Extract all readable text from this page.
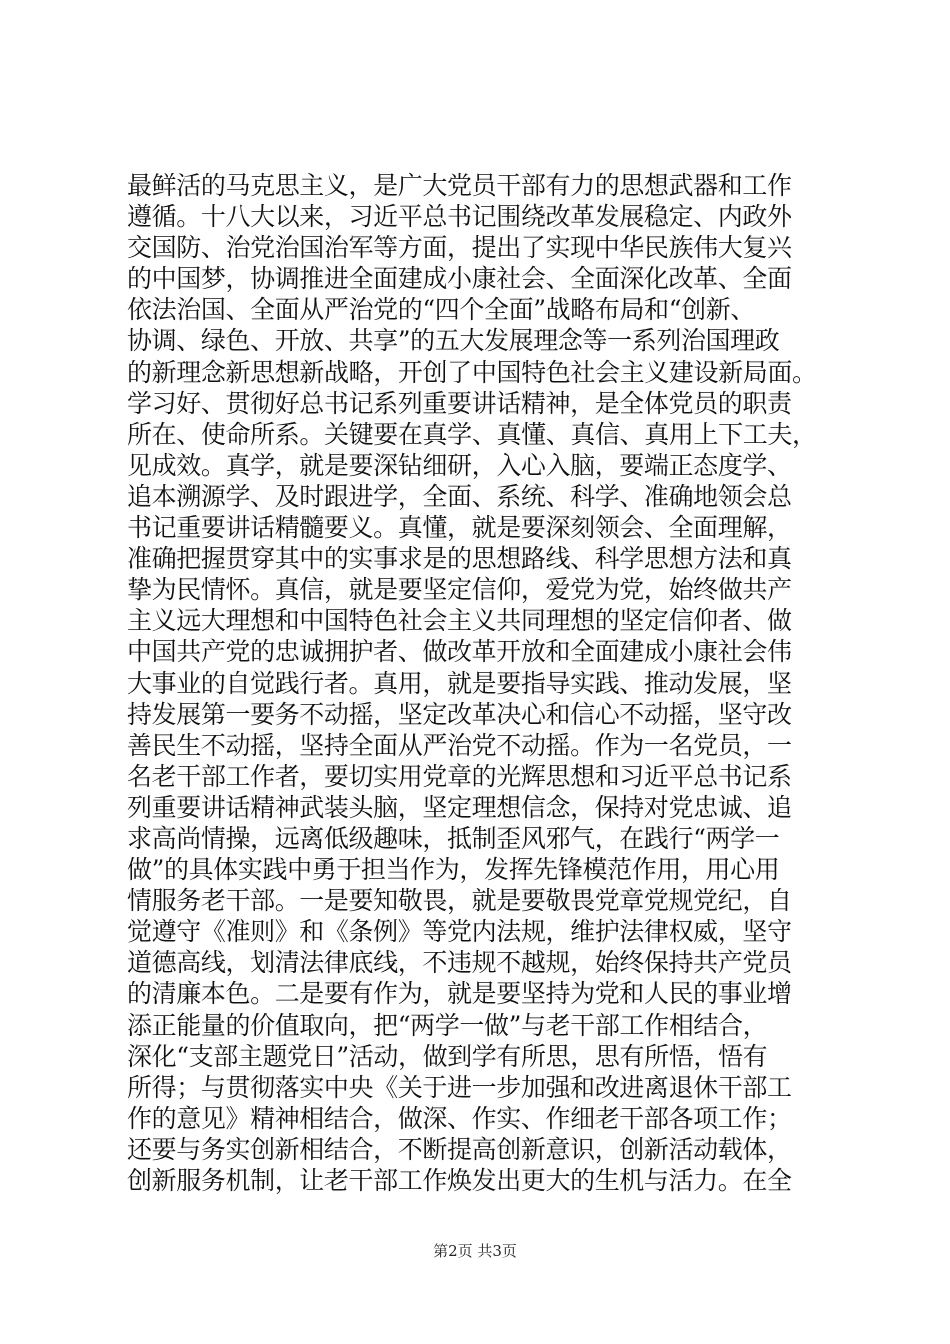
最鲜活的马克思主义，是广大党员干部有力的思想武器和工作
遵循。十八大以来，习近平总书记围绕改革发展稳定、内政外
交国防、治党治国治军等方面，提出了实现中华民族伟大复兴
的中国梦，协调推进全面建成小康社会、全面深化改革、全面
依法治国、全面从严治党的“四个全面”战略布局和“创新、
协调、绿色、开放、共享”的五大发展理念等一系列治国理政
的新理念新思想新战略，开创了中国特色社会主义建设新局面。
学习好、贯彻好总书记系列重要讲话精神，是全体党员的职责
所在、使命所系。关键要在真学、真懂、真信、真用上下工夫，
见成效。真学，就是要深钻细研，入心入脑，要端正态度学、
追本溯源学、及时跟进学，全面、系统、科学、准确地领会总
书记重要讲话精髓要义。真懂，就是要深刻领会、全面理解，
准确把握贯穿其中的实事求是的思想路线、科学思想方法和真
挚为民情怀。真信，就是要坚定信仰，爱党为党，始终做共产
主义远大理想和中国特色社会主义共同理想的坚定信仰者、做
中国共产党的忠诚拥护者、做改革开放和全面建成小康社会伟
大事业的自觉践行者。真用，就是要指导实践、推动发展，坚
持发展第一要务不动摇，坚定改革决心和信心不动摇，坚守改
善民生不动摇，坚持全面从严治党不动摇。作为一名党员，一
名老干部工作者，要切实用党章的光辉思想和习近平总书记系
列重要讲话精神武装头脑，坚定理想信念，保持对党忠诚、追
求高尚情操，远离低级趣味，抵制歪风邪气，在践行“两学一
做”的具体实践中勇于担当作为，发挥先锋模范作用，用心用
情服务老干部。一是要知敬畏，就是要敬畏党章党规党纪，自
觉遵守《准则》和《条例》等党内法规，维护法律权威，坚守
道德高线，划清法律底线，不违规不越规，始终保持共产党员
的清廉本色。二是要有作为，就是要坚持为党和人民的事业增
添正能量的价值取向，把“两学一做”与老干部工作相结合，
深化“支部主题党日”活动，做到学有所思，思有所悟，悟有
所得；与贯彻落实中央《关于进一步加强和改进离退休干部工
作的意见》精神相结合，做深、作实、作细老干部各项工作；
还要与务实创新相结合，不断提高创新意识，创新活动载体，
创新服务机制，让老干部工作焕发出更大的生机与活力。在全
第2页 共3页
